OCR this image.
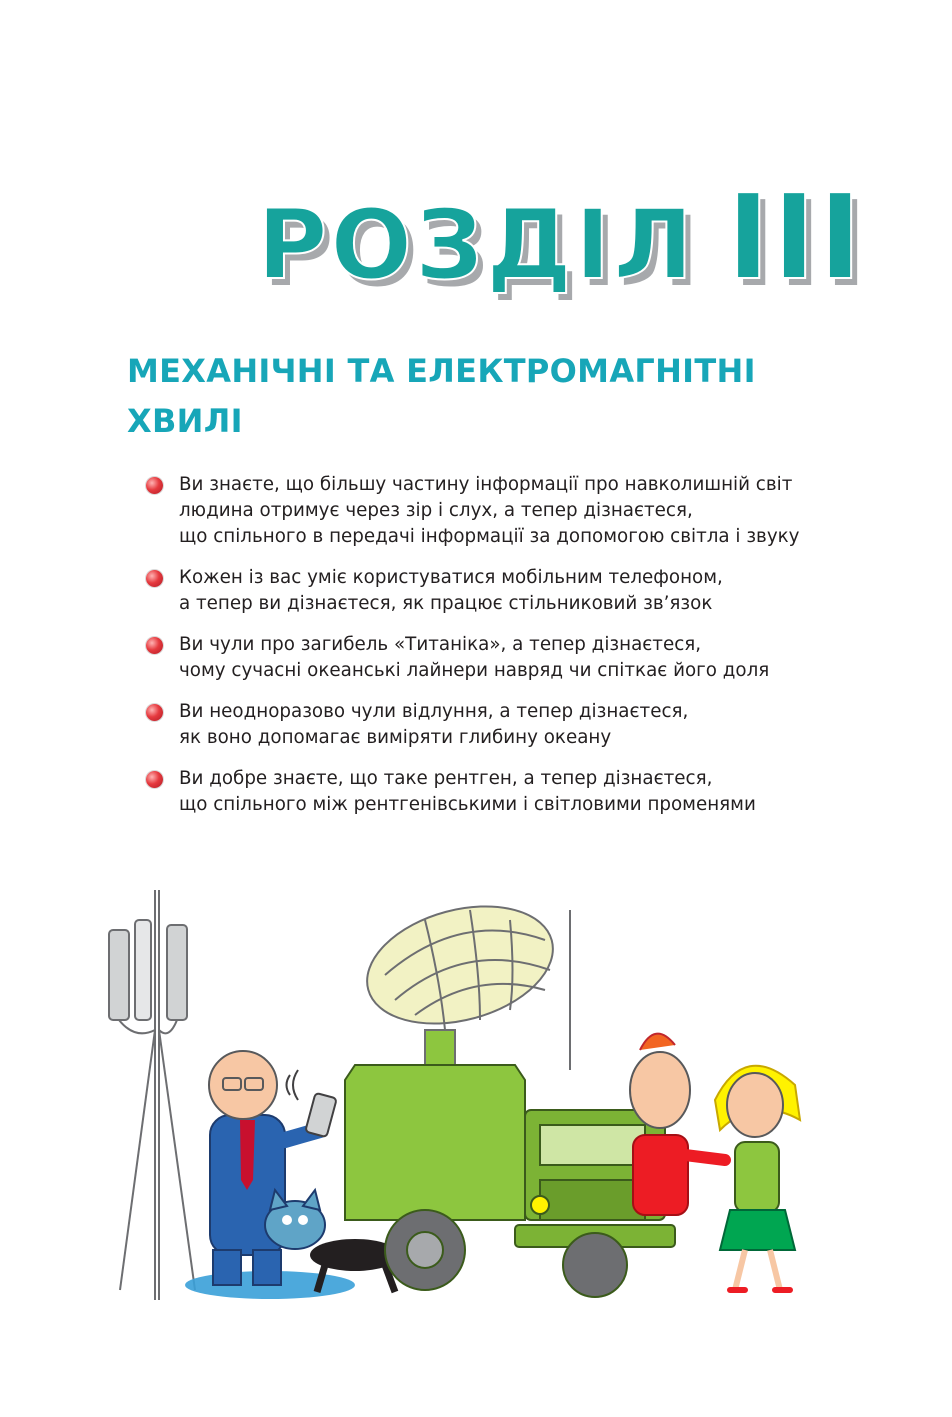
РОЗДІЛ III
МЕХАНІЧНІ ТА ЕЛЕКТРОМАГНІТНІ
ХВИЛІ
Ви знаєте, що більшу частину інформації про навколишній світ
людина отримує через зір і слух, а тепер дізнаєтеся,
що спільного в передачі інформації за допомогою світла і звуку
Кожен із вас уміє користуватися мобільним телефоном,
а тепер ви дізнаєтеся, як працює стільниковий зв’язок
Ви чули про загибель «Титаніка», а тепер дізнаєтеся,
чому сучасні океанські лайнери навряд чи спіткає його доля
Ви неодноразово чули відлуння, а тепер дізнаєтеся,
як воно допомагає виміряти глибину океану
Ви добре знаєте, що таке рентген, а тепер дізнаєтеся,
що спільного між рентгенівськими і світловими променями
